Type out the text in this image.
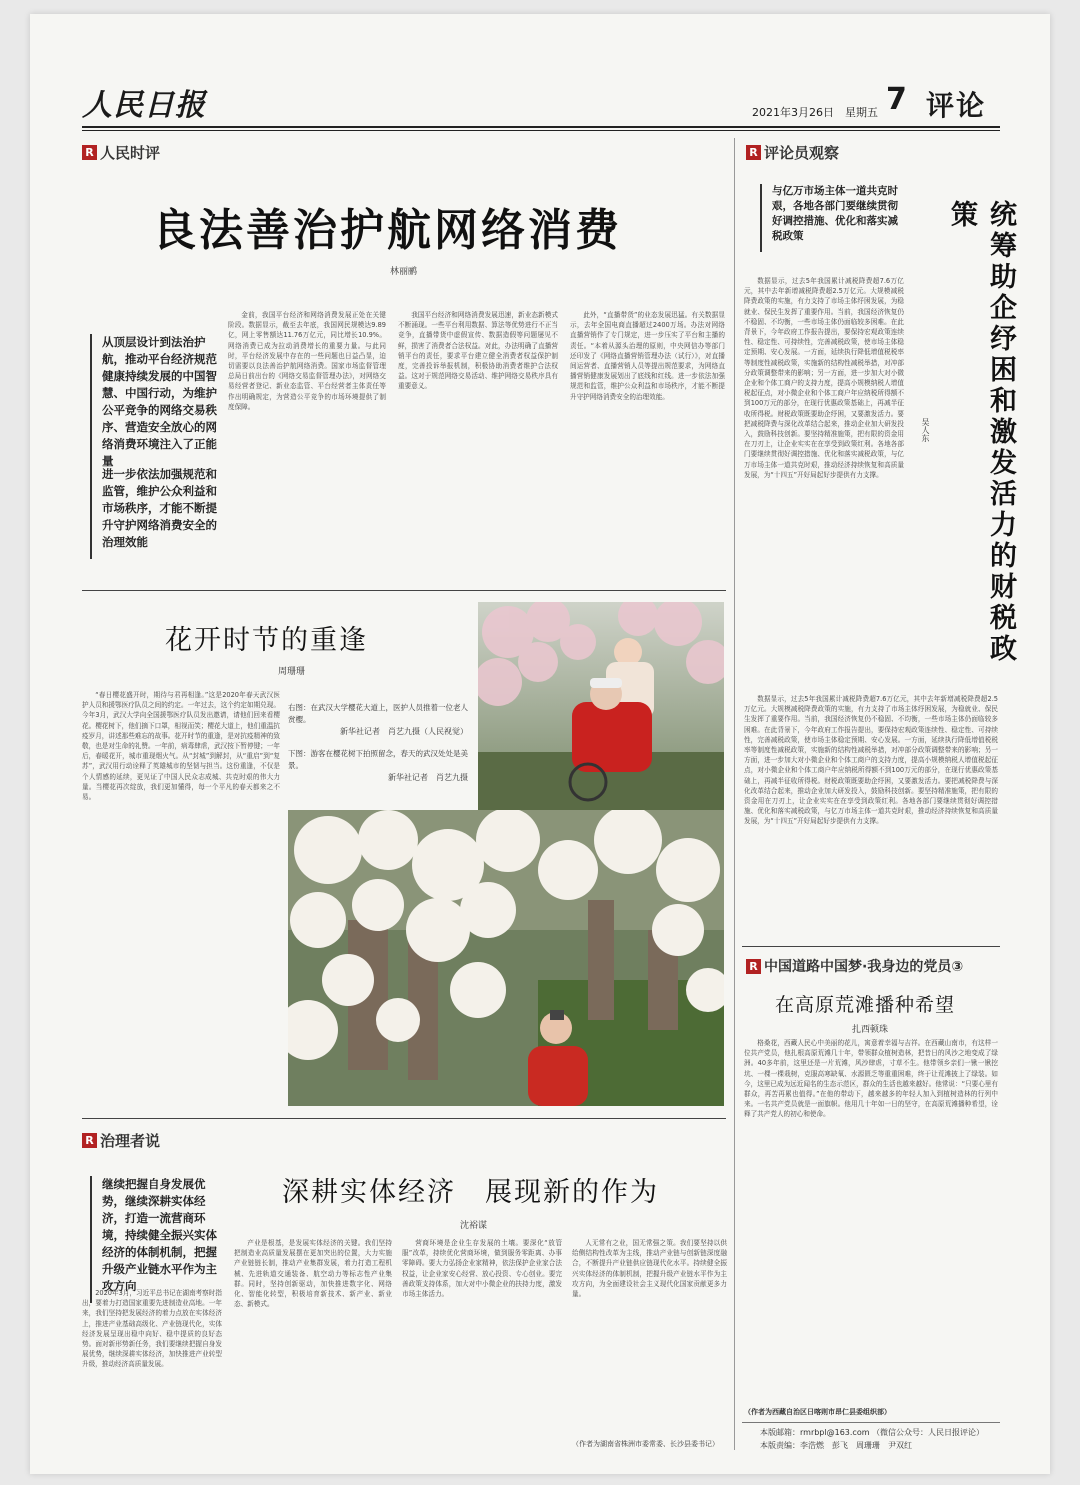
人民日报	2021年3月26日　星期五 7 评论
R 人民时评
良法善治护航网络消费
林丽鹂

从顶层设计到法治护航，推动平台经济规范健康持续发展的中国智慧、中国行动，为维护公平竞争的网络交易秩序、营造安全放心的网络消费环境注入了正能量

进一步依法加强规范和监管，维护公众利益和市场秩序，才能不断提升守护网络消费安全的治理效能

金前，我国平台经济和网络消费发展正处在关键阶段。数据显示，截至去年底，我国网民规模达9.89亿，网上零售额达11.76万亿元，同比增长10.9%。网络消费已成为拉动消费增长的重要力量。与此同时，平台经济发展中存在的一些问题也日益凸显，迫切需要以良法善治护航网络消费。国家市场监督管理总局日前出台的《网络交易监督管理办法》，对网络交易经营者登记、新业态监管、平台经营者主体责任等作出明确规定，为营造公平竞争的市场环境提供了制度保障。

我国平台经济和网络消费发展迅速，新业态新模式不断涌现。一些平台利用数据、算法等优势进行不正当竞争，直播带货中虚假宣传、数据造假等问题屡见不鲜，损害了消费者合法权益。对此，办法明确了直播营销平台的责任，要求平台建立健全消费者权益保护制度，完善投诉举报机制，积极协助消费者维护合法权益。这对于规范网络交易活动、维护网络交易秩序具有重要意义。

此外，“直播带货”的业态发展迅猛。有关数据显示，去年全国电商直播超过2400万场。办法对网络直播营销作了专门规定，进一步压实了平台和主播的责任。“本着从源头治理的原则，中央网信办等部门还印发了《网络直播营销管理办法（试行）》，对直播间运营者、直播营销人员等提出规范要求，为网络直播营销健康发展划出了底线和红线。进一步依法加强规范和监管，维护公众利益和市场秩序，才能不断提升守护网络消费安全的治理效能。

花开时节的重逢
周珊珊

“春日樱花盛开时，期待与君再相逢。”这是2020年春天武汉医护人员和援鄂医疗队员之间的约定。一年过去，这个约定如期兑现。今年3月，武汉大学向全国援鄂医疗队员发出邀请，请他们回来看樱花。樱花树下，他们摘下口罩，相视而笑；樱花大道上，他们重温抗疫岁月，讲述那些难忘的故事。花开时节的重逢，是对抗疫精神的致敬，也是对生命的礼赞。一年前，病毒肆虐，武汉按下暂停键；一年后，春暖花开，城市重现烟火气。从“封城”到解封，从“重启”到“复苏”，武汉用行动诠释了英雄城市的坚韧与担当。这份重逢，不仅是个人情感的延续，更见证了中国人民众志成城、共克时艰的伟大力量。当樱花再次绽放，我们更加懂得，每一个平凡的春天都来之不易。

右图：在武汉大学樱花大道上，医护人员推着一位老人赏樱。
新华社记者　肖艺九摄（人民视觉）
下图：游客在樱花树下拍照留念，春天的武汉处处是美景。
新华社记者　肖艺九摄
R 治理者说

继续把握自身发展优势，继续深耕实体经济，打造一流营商环境，持续健全振兴实体经济的体制机制，把握升级产业链水平作为主攻方向

深耕实体经济　展现新的作为
沈裕谋

2020年3月，习近平总书记在湖南考察时指出，要着力打造国家重要先进制造业高地。一年来，我们坚持把发展经济的着力点放在实体经济上，推进产业基础高级化、产业链现代化，实体经济发展呈现出稳中向好、稳中提质的良好态势。面对新形势新任务，我们要继续把握自身发展优势，继续深耕实体经济，加快推进产业转型升级，推动经济高质量发展。

产业是根基，是发展实体经济的关键。我们坚持把制造业高质量发展摆在更加突出的位置，大力实施产业链链长制，推动产业集群发展，着力打造工程机械、先进轨道交通装备、航空动力等标志性产业集群。同时，坚持创新驱动，加快推进数字化、网络化、智能化转型，积极培育新技术、新产业、新业态、新模式。

营商环境是企业生存发展的土壤。要深化“放管服”改革，持续优化营商环境，做到服务零距离、办事零障碍。要大力弘扬企业家精神，依法保护企业家合法权益，让企业家安心经营、放心投资、专心创业。要完善政策支持体系，加大对中小微企业的扶持力度，激发市场主体活力。

人无常有之业，国无常强之策。我们要坚持以供给侧结构性改革为主线，推动产业链与创新链深度融合，不断提升产业链供应链现代化水平。持续健全振兴实体经济的体制机制，把握升级产业链水平作为主攻方向，为全面建设社会主义现代化国家贡献更多力量。

（作者为湖南省株洲市委常委、长沙县委书记）
R 评论员观察

与亿万市场主体一道共克时艰，各地各部门要继续贯彻好调控措施、优化和落实减税政策	统筹助企纾困和激发活力的财税政策
吴人东

数据显示，过去5年我国累计减税降费超7.6万亿元，其中去年新增减税降费超2.5万亿元。大规模减税降费政策的实施，有力支持了市场主体纾困发展，为稳就业、保民生发挥了重要作用。当前，我国经济恢复仍不稳固、不均衡，一些市场主体仍面临较多困难。在此背景下，今年政府工作报告提出，要保持宏观政策连续性、稳定性、可持续性，完善减税政策，使市场主体稳定预期、安心发展。一方面，延续执行降低增值税税率等制度性减税政策，实施新的结构性减税举措，对冲部分政策调整带来的影响；另一方面，进一步加大对小微企业和个体工商户的支持力度，提高小规模纳税人增值税起征点，对小微企业和个体工商户年应纳税所得额不到100万元的部分，在现行优惠政策基础上，再减半征收所得税。财税政策既要助企纾困，又要激发活力。要把减税降费与深化改革结合起来，推动企业加大研发投入，鼓励科技创新。要坚持精准施策，把有限的资金用在刀刃上，让企业实实在在享受到政策红利。各地各部门要继续贯彻好调控措施、优化和落实减税政策，与亿万市场主体一道共克时艰，推动经济持续恢复和高质量发展，为“十四五”开好局起好步提供有力支撑。

数据显示，过去5年我国累计减税降费超7.6万亿元，其中去年新增减税降费超2.5万亿元。大规模减税降费政策的实施，有力支持了市场主体纾困发展，为稳就业、保民生发挥了重要作用。当前，我国经济恢复仍不稳固、不均衡，一些市场主体仍面临较多困难。在此背景下，今年政府工作报告提出，要保持宏观政策连续性、稳定性、可持续性，完善减税政策，使市场主体稳定预期、安心发展。一方面，延续执行降低增值税税率等制度性减税政策，实施新的结构性减税举措，对冲部分政策调整带来的影响；另一方面，进一步加大对小微企业和个体工商户的支持力度，提高小规模纳税人增值税起征点，对小微企业和个体工商户年应纳税所得额不到100万元的部分，在现行优惠政策基础上，再减半征收所得税。财税政策既要助企纾困，又要激发活力。要把减税降费与深化改革结合起来，推动企业加大研发投入，鼓励科技创新。要坚持精准施策，把有限的资金用在刀刃上，让企业实实在在享受到政策红利。各地各部门要继续贯彻好调控措施、优化和落实减税政策，与亿万市场主体一道共克时艰，推动经济持续恢复和高质量发展，为“十四五”开好局起好步提供有力支撑。

R 中国道路中国梦·我身边的党员③
在高原荒滩播种希望
扎西顿珠

格桑花，西藏人民心中美丽的花儿，寓意着幸福与吉祥。在西藏山南市，有这样一位共产党员，他扎根高原荒滩几十年，带领群众植树造林，把昔日的风沙之地变成了绿洲。40多年前，这里还是一片荒滩，风沙肆虐，寸草不生。他带领乡亲们一锹一锹挖坑、一棵一棵栽树，克服高寒缺氧、水源匮乏等重重困难，终于让荒滩披上了绿装。如今，这里已成为远近闻名的生态示范区，群众的生活也越来越好。他常说：“只要心里有群众，再苦再累也值得。”在他的带动下，越来越多的年轻人加入到植树造林的行列中来。一名共产党员就是一面旗帜。他用几十年如一日的坚守，在高原荒滩播种希望，诠释了共产党人的初心和使命。

（作者为西藏自治区日喀则市昂仁县委组织部）
本版邮箱：rmrbpl@163.com （微信公众号：人民日报评论）
本版责编：李浩燃　彭飞　周珊珊　尹双红
